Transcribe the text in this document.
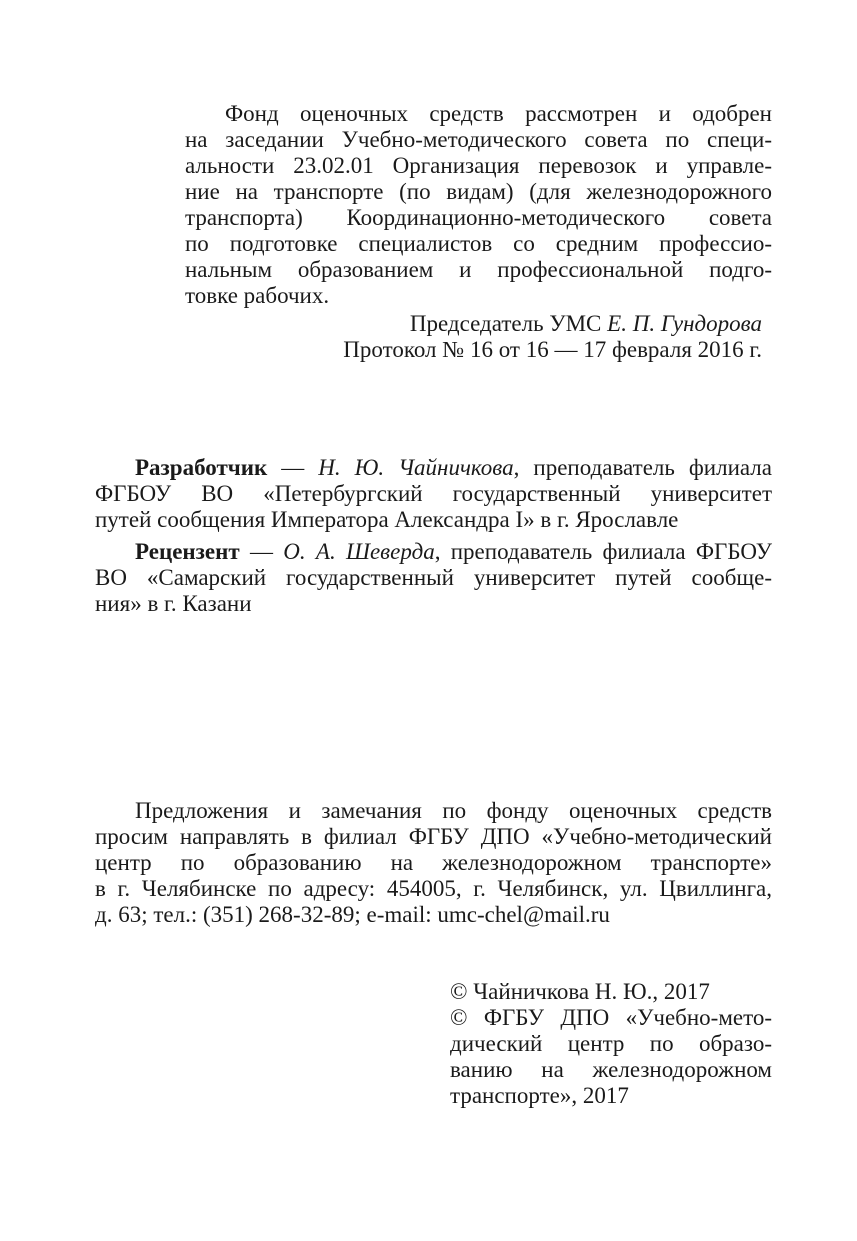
Фонд оценочных средств рассмотрен и одобрен
на заседании Учебно-методического совета по специ-
альности 23.02.01 Организация перевозок и управле-
ние на транспорте (по видам) (для железнодорожного
транспорта) Координационно-методического совета
по подготовке специалистов со средним профессио-
нальным образованием и профессиональной подго-
товке рабочих.
Председатель УМС Е. П. Гундорова
Протокол № 16 от 16 — 17 февраля 2016 г.
Разработчик — Н. Ю. Чайничкова, преподаватель филиала
ФГБОУ ВО «Петербургский государственный университет
путей сообщения Императора Александра I» в г. Ярославле
Рецензент — О. А. Шеверда, преподаватель филиала ФГБОУ
ВО «Самарский государственный университет путей сообще-
ния» в г. Казани
Предложения и замечания по фонду оценочных средств
просим направлять в филиал ФГБУ ДПО «Учебно-методический
центр по образованию на железнодорожном транспорте»
в г. Челябинске по адресу: 454005, г. Челябинск, ул. Цвиллинга,
д. 63; тел.: (351) 268-32-89; e-mail: umc-chel@mail.ru
© Чайничкова Н. Ю., 2017
© ФГБУ ДПО «Учебно-мето-
дический центр по образо-
ванию на железнодорожном
транспорте», 2017
